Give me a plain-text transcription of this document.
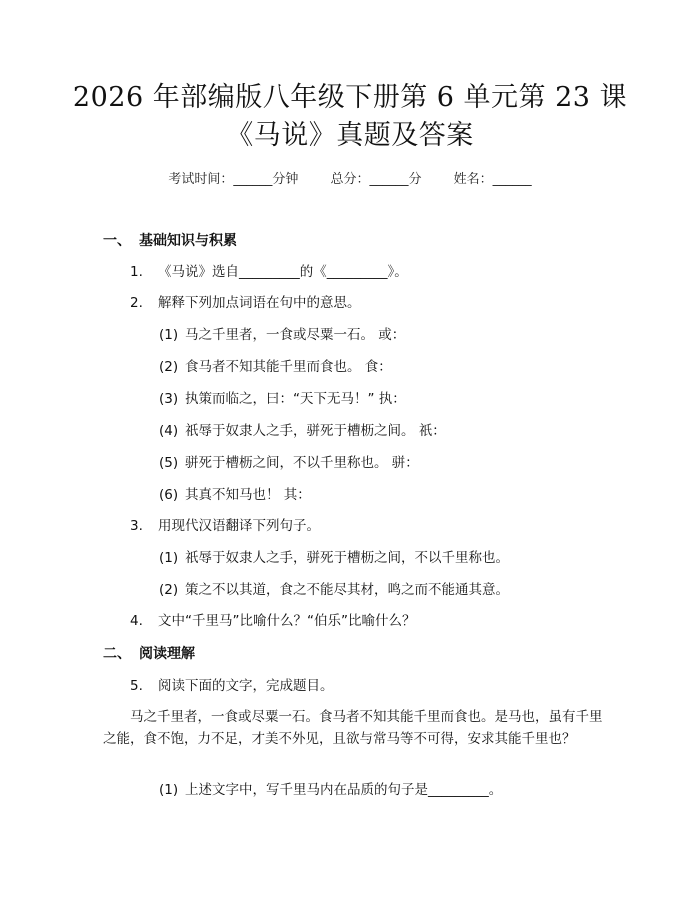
2026 年部编版八年级下册第 6 单元第 23 课
《马说》真题及答案
考试时间：______分钟 总分：______分 姓名：______
一、 基础知识与积累
1. 《马说》选自_________的《_________》。
2. 解释下列加点词语在句中的意思。
(1) 马之千里者，一食或尽粟一石。 或：
(2) 食马者不知其能千里而食也。 食：
(3) 执策而临之，曰：“天下无马！” 执：
(4) 祇辱于奴隶人之手，骈死于槽枥之间。 祇：
(5) 骈死于槽枥之间，不以千里称也。 骈：
(6) 其真不知马也！ 其：
3. 用现代汉语翻译下列句子。
(1) 祇辱于奴隶人之手，骈死于槽枥之间，不以千里称也。
(2) 策之不以其道，食之不能尽其材，鸣之而不能通其意。
4. 文中“千里马”比喻什么？“伯乐”比喻什么？
二、 阅读理解
5. 阅读下面的文字，完成题目。
马之千里者，一食或尽粟一石。食马者不知其能千里而食也。是马也，虽有千里之能，食不饱，力不足，才美不外见，且欲与常马等不可得，安求其能千里也？
(1) 上述文字中，写千里马内在品质的句子是_________。
